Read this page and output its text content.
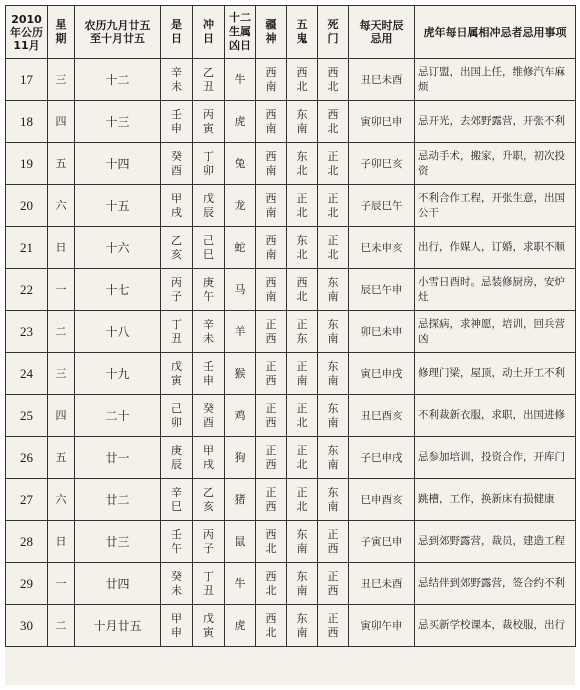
2010年公历11月	星期	农历九月廿五至十月廿五	是日	冲日	十二生属凶日	疆神	五鬼	死门	每天时辰忌用	虎年每日属相冲忌者忌用事项
17	三	十二	辛未	乙丑	牛	西南	西北	西北	丑巳未酉	忌订盟，出国上任，维修汽车麻烦
18	四	十三	壬申	丙寅	虎	西南	东南	西北	寅卯巳申	忌开光，去郊野露营，开张不利
19	五	十四	癸酉	丁卯	兔	西南	东北	正北	子卯巳亥	忌动手术，搬家，升职，初次投资
20	六	十五	甲戌	戊辰	龙	西南	正北	正北	子辰巳午	不利合作工程，开张生意，出国公干
21	日	十六	乙亥	己巳	蛇	西南	东北	正北	巳未申亥	出行，作媒人，订婚，求职不顺
22	一	十七	丙子	庚午	马	西南	西北	东南	辰巳午申	小雪日酉时。忌装修厨房，安炉灶
23	二	十八	丁丑	辛未	羊	正西	正东	东南	卯巳未申	忌探病，求神愿，培训，回兵营凶
24	三	十九	戊寅	壬申	猴	正西	正南	东南	寅巳申戌	修理门梁，屋顶，动土开工不利
25	四	二十	己卯	癸酉	鸡	正西	正北	东南	丑巳酉亥	不利裁新衣服，求职，出国进修
26	五	廿一	庚辰	甲戌	狗	正西	正北	东南	子巳申戌	忌参加培训，投资合作，开库门
27	六	廿二	辛巳	乙亥	猪	正西	正北	东南	巳申酉亥	跳槽，工作，换新床有损健康
28	日	廿三	壬午	丙子	鼠	西北	东南	正西	子寅巳申	忌到郊野露营，裁员，建造工程
29	一	廿四	癸未	丁丑	牛	西北	东南	正西	丑巳未酉	忌结伴到郊野露营，签合约不利
30	二	十月廿五	甲申	戊寅	虎	西北	东南	正西	寅卯午申	忌买新学校课本，裁校服，出行
